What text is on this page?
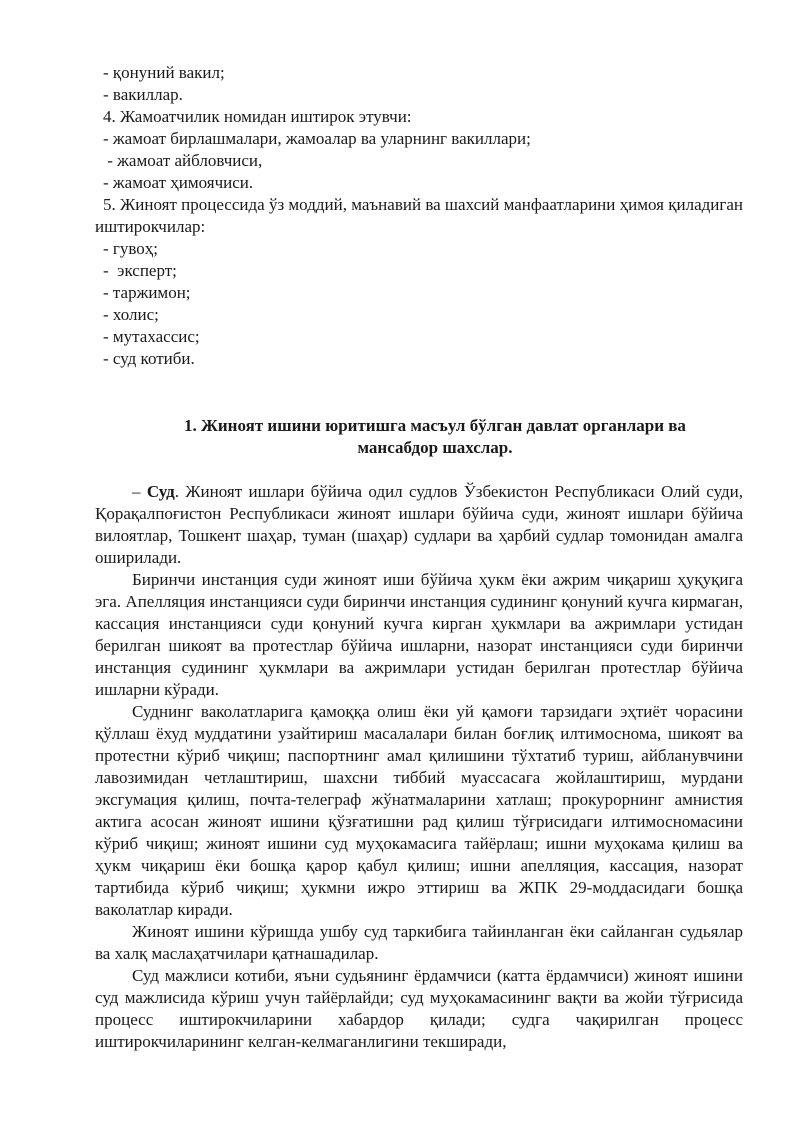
- қонуний вакил;
- вакиллар.
4. Жамоатчилик номидан иштирок этувчи:
- жамоат бирлашмалари, жамоалар ва уларнинг вакиллари;
- жамоат айбловчиси,
- жамоат ҳимоячиси.

5. Жиноят процессида ўз моддий, маънавий ва шахсий манфаатларини ҳимоя қиладиган иштирокчилар:

- гувоҳ;
-  эксперт;
- таржимон;
- холис;
- мутахассис;
- суд котиби.

1. Жиноят ишини юритишга масъул бўлган давлат органлари ва мансабдор шахслар.

– Суд. Жиноят ишлари бўйича одил судлов Ўзбекистон Республикаси Олий суди, Қорақалпоғистон Республикаси жиноят ишлари бўйича суди, жиноят ишлари бўйича вилоятлар, Тошкент шаҳар, туман (шаҳар) судлари ва ҳарбий судлар томонидан амалга оширилади.

Биринчи инстанция суди жиноят иши бўйича ҳукм ёки ажрим чиқариш ҳуқуқига эга. Апелляция инстанцияси суди биринчи инстанция судининг қонуний кучга кирмаган, кассация инстанцияси суди қонуний кучга кирган ҳукмлари ва ажримлари устидан берилган шикоят ва протестлар бўйича ишларни, назорат инстанцияси суди биринчи инстанция судининг ҳукмлари ва ажримлари устидан берилган протестлар бўйича ишларни кўради.

Суднинг ваколатларига қамоққа олиш ёки уй қамоғи тарзидаги эҳтиёт чорасини қўллаш ёхуд муддатини узайтириш масалалари билан боғлиқ илтимоснома, шикоят ва протестни кўриб чиқиш; паспортнинг амал қилишини тўхтатиб туриш, айбланувчини лавозимидан четлаштириш, шахсни тиббий муассасага жойлаштириш, мурдани эксгумация қилиш, почта-телеграф жўнатмаларини хатлаш; прокурорнинг амнистия актига асосан жиноят ишини қўзғатишни рад қилиш тўғрисидаги илтимосномасини кўриб чиқиш; жиноят ишини суд муҳокамасига тайёрлаш; ишни муҳокама қилиш ва ҳукм чиқариш ёки бошқа қарор қабул қилиш; ишни апелляция, кассация, назорат тартибида кўриб чиқиш; ҳукмни ижро эттириш ва ЖПК 29-моддасидаги бошқа ваколатлар киради.

Жиноят ишини кўришда ушбу суд таркибига тайинланган ёки сайланган судьялар ва халқ маслаҳатчилари қатнашадилар.

Суд мажлиси котиби, яъни судьянинг ёрдамчиси (катта ёрдамчиси) жиноят ишини суд мажлисида кўриш учун тайёрлайди; суд муҳокамасининг вақти ва жойи тўғрисида процесс иштирокчиларини хабардор қилади; судга чақирилган процесс иштирокчиларининг келган-келмаганлигини текширади,
